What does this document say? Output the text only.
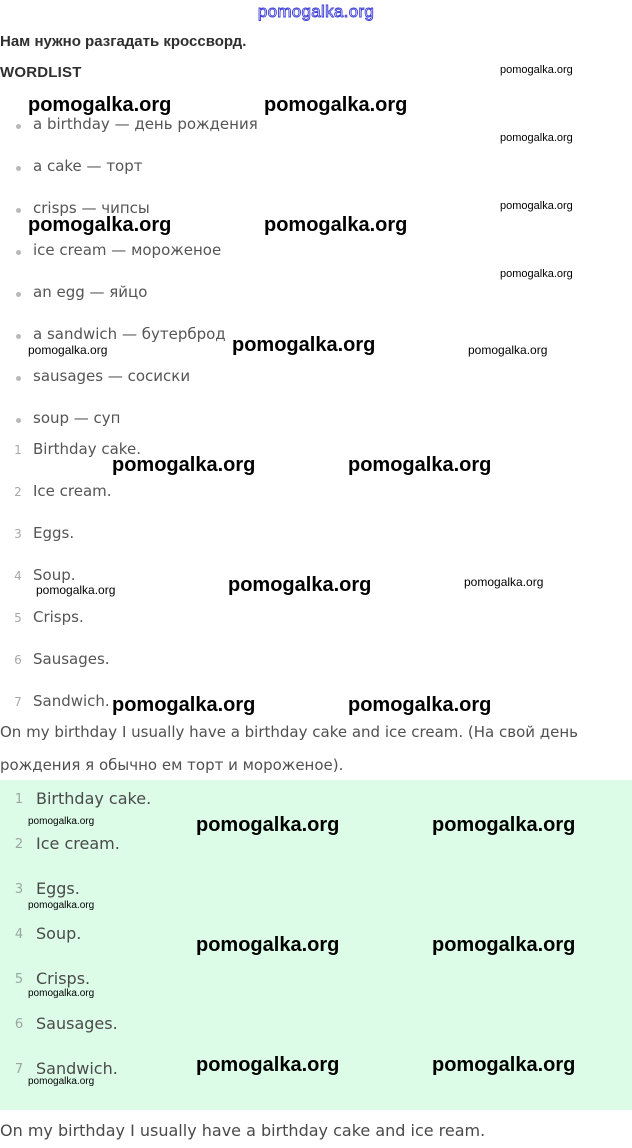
pomogalka.org
Нам нужно разгадать кроссворд.
WORDLIST
a birthday — день рождения
a cake — торт
crisps — чипсы
ice cream — мороженое
an egg — яйцо
a sandwich — бутерброд
sausages — сосиски
soup — суп
1 Birthday cake.
2 Ice cream.
3 Eggs.
4 Soup.
5 Crisps.
6 Sausages.
7 Sandwich.
On my birthday I usually have a birthday cake and ice cream. (На свой день
рождения я обычно ем торт и мороженое).
1 Birthday cake.
2 Ice cream.
3 Eggs.
4 Soup.
5 Crisps.
6 Sausages.
7 Sandwich.
On my birthday I usually have a birthday cake and ice ream.
pomogalka.org
pomogalka.org	pomogalka.org
pomogalka.org
pomogalka.org
pomogalka.org	pomogalka.org
pomogalka.org
pomogalka.org
pomogalka.org	pomogalka.org
pomogalka.org	pomogalka.org
pomogalka.org
pomogalka.org
pomogalka.org
pomogalka.org	pomogalka.org
pomogalka.org	pomogalka.org	pomogalka.org
pomogalka.org
pomogalka.org	pomogalka.org
pomogalka.org
pomogalka.org	pomogalka.org
pomogalka.org
